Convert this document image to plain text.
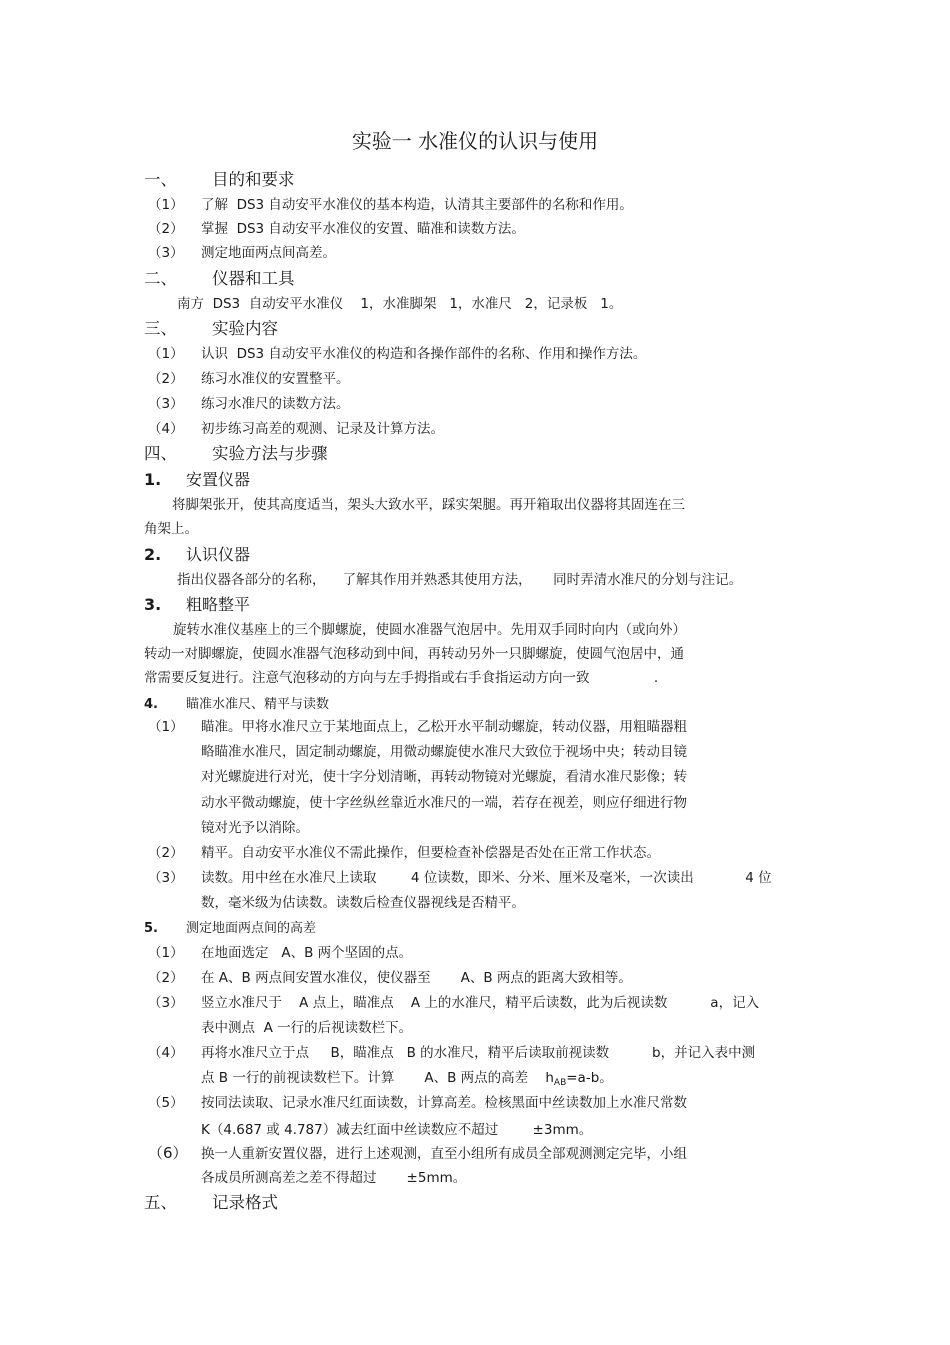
实验一 水准仪的认识与使用
一、 目的和要求
（1） 了解  DS3 自动安平水准仪的基本构造，认清其主要部件的名称和作用。
（2） 掌握  DS3 自动安平水准仪的安置、瞄准和读数方法。
（3） 测定地面两点间高差。
二、 仪器和工具
南方  DS3  自动安平水准仪    1，水准脚架   1，水准尺   2，记录板   1。
三、 实验内容
（1） 认识  DS3 自动安平水准仪的构造和各操作部件的名称、作用和操作方法。
（2） 练习水准仪的安置整平。
（3） 练习水准尺的读数方法。
（4） 初步练习高差的观测、记录及计算方法。
四、 实验方法与步骤
1. 安置仪器
将脚架张开，使其高度适当，架头大致水平，踩实架腿。再开箱取出仪器将其固连在三
角架上。
2. 认识仪器
指出仪器各部分的名称，    了解其作用并熟悉其使用方法，     同时弄清水准尺的分划与注记。
3. 粗略整平
旋转水准仪基座上的三个脚螺旋，使圆水准器气泡居中。先用双手同时向内（或向外）
转动一对脚螺旋，使圆水准器气泡移动到中间，再转动另外一只脚螺旋，使圆气泡居中，通
常需要反复进行。注意气泡移动的方向与左手拇指或右手食指运动方向一致               .
4. 瞄准水准尺、精平与读数
（1） 瞄准。甲将水准尺立于某地面点上，乙松开水平制动螺旋，转动仪器，用粗瞄器粗
略瞄准水准尺，固定制动螺旋，用微动螺旋使水准尺大致位于视场中央；转动目镜
对光螺旋进行对光，使十字分划清晰，再转动物镜对光螺旋，看清水准尺影像；转
动水平微动螺旋，使十字丝纵丝靠近水准尺的一端，若存在视差，则应仔细进行物
镜对光予以消除。
（2） 精平。自动安平水准仪不需此操作，但要检查补偿器是否处在正常工作状态。
（3） 读数。用中丝在水准尺上读取        4 位读数，即米、分米、厘米及毫米，一次读出            4 位
数，毫米级为估读数。读数后检查仪器视线是否精平。
5. 测定地面两点间的高差
（1） 在地面选定   A、B 两个坚固的点。
（2） 在 A、B 两点间安置水准仪，使仪器至       A、B 两点的距离大致相等。
（3） 竖立水准尺于    A 点上，瞄准点    A 上的水准尺，精平后读数，此为后视读数          a，记入
表中测点  A 一行的后视读数栏下。
（4） 再将水准尺立于点     B，瞄准点   B 的水准尺，精平后读取前视读数          b，并记入表中测
点 B 一行的前视读数栏下。计算       A、B 两点的高差    $h_{AB}=a-b$。
（5） 按同法读取、记录水准尺红面读数，计算高差。检核黑面中丝读数加上水准尺常数
K（4.687 或 4.787）减去红面中丝读数应不超过        ±3mm。
（6） 换一人重新安置仪器，进行上述观测，直至小组所有成员全部观测测定完毕，小组
各成员所测高差之差不得超过       ±5mm。
五、 记录格式
